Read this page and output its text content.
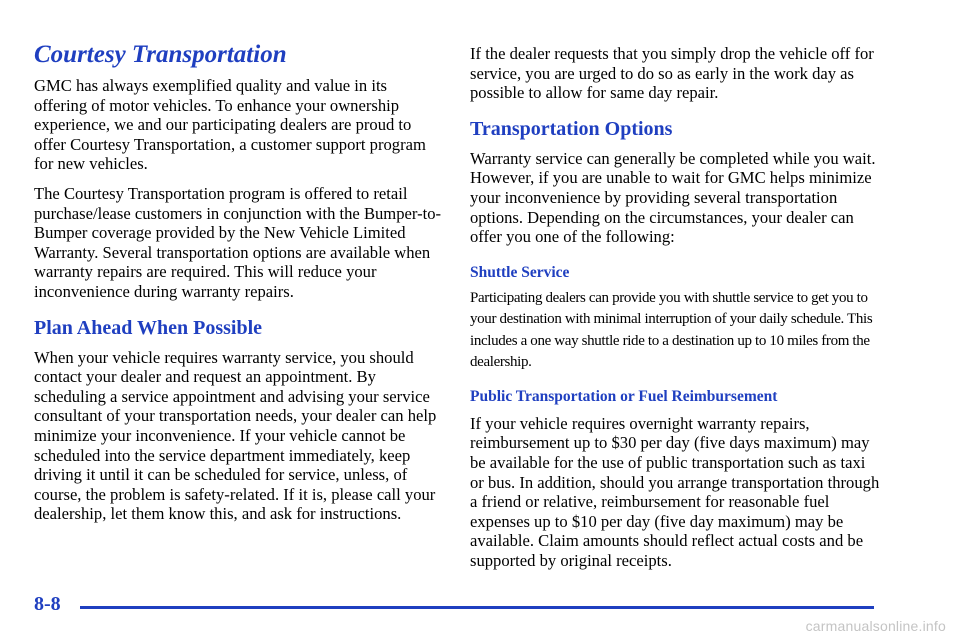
Courtesy Transportation

GMC has always exemplified quality and value in its offering of motor vehicles. To enhance your ownership experience, we and our participating dealers are proud to offer Courtesy Transportation, a customer support program for new vehicles.

The Courtesy Transportation program is offered to retail purchase/lease customers in conjunction with the Bumper-to-Bumper coverage provided by the New Vehicle Limited Warranty. Several transportation options are available when warranty repairs are required. This will reduce your inconvenience during warranty repairs.

Plan Ahead When Possible

When your vehicle requires warranty service, you should contact your dealer and request an appointment. By scheduling a service appointment and advising your service consultant of your transportation needs, your dealer can help minimize your inconvenience. If your vehicle cannot be scheduled into the service department immediately, keep driving it until it can be scheduled for service, unless, of course, the problem is safety-related. If it is, please call your dealership, let them know this, and ask for instructions.

If the dealer requests that you simply drop the vehicle off for service, you are urged to do so as early in the work day as possible to allow for same day repair.

Transportation Options

Warranty service can generally be completed while you wait. However, if you are unable to wait for GMC helps minimize your inconvenience by providing several transportation options. Depending on the circumstances, your dealer can offer you one of the following:

Shuttle Service

Participating dealers can provide you with shuttle service to get you to your destination with minimal interruption of your daily schedule. This includes a one way shuttle ride to a destination up to 10 miles from the dealership.

Public Transportation or Fuel Reimbursement

If your vehicle requires overnight warranty repairs, reimbursement up to $30 per day (five days maximum) may be available for the use of public transportation such as taxi or bus. In addition, should you arrange transportation through a friend or relative, reimbursement for reasonable fuel expenses up to $10 per day (five day maximum) may be available. Claim amounts should reflect actual costs and be supported by original receipts.

8-8
carmanualsonline.info
